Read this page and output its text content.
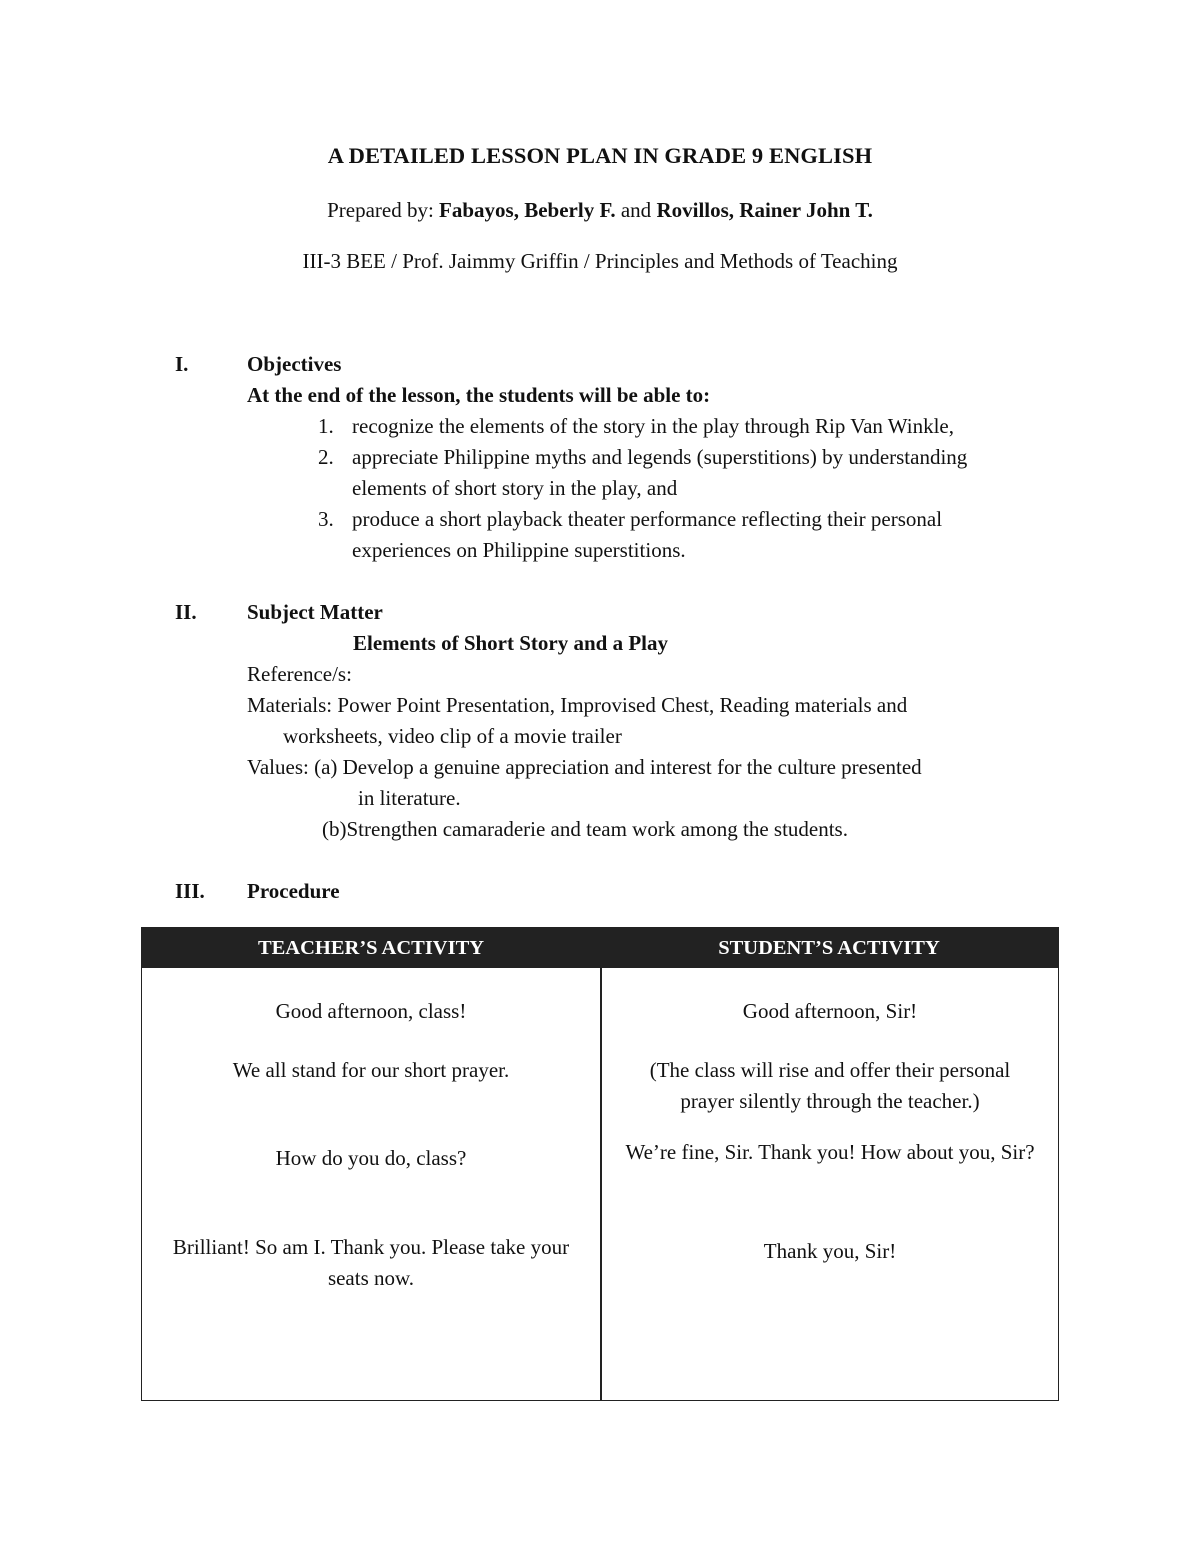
A DETAILED LESSON PLAN IN GRADE 9 ENGLISH
Prepared by: Fabayos, Beberly F. and Rovillos, Rainer John T.
III-3 BEE / Prof. Jaimmy Griffin / Principles and Methods of Teaching
I.	Objectives
At the end of the lesson, the students will be able to:
1. recognize the elements of the story in the play through Rip Van Winkle,
2. appreciate Philippine myths and legends (superstitions) by understanding
elements of short story in the play, and
3. produce a short playback theater performance reflecting their personal
experiences on Philippine superstitions.
II. Subject Matter
Elements of Short Story and a Play
Reference/s:
Materials: Power Point Presentation, Improvised Chest, Reading materials and
worksheets, video clip of a movie trailer
Values: (a) Develop a genuine appreciation and interest for the culture presented
in literature.
(b)Strengthen camaraderie and team work among the students.
III. Procedure
TEACHER’S ACTIVITY	STUDENT’S ACTIVITY
Good afternoon, class!
We all stand for our short prayer.
How do you do, class?
Brilliant! So am I. Thank you. Please take your seats now.
Good afternoon, Sir!
(The class will rise and offer their personal prayer silently through the teacher.)
We’re fine, Sir. Thank you! How about you, Sir?
Thank you, Sir!
